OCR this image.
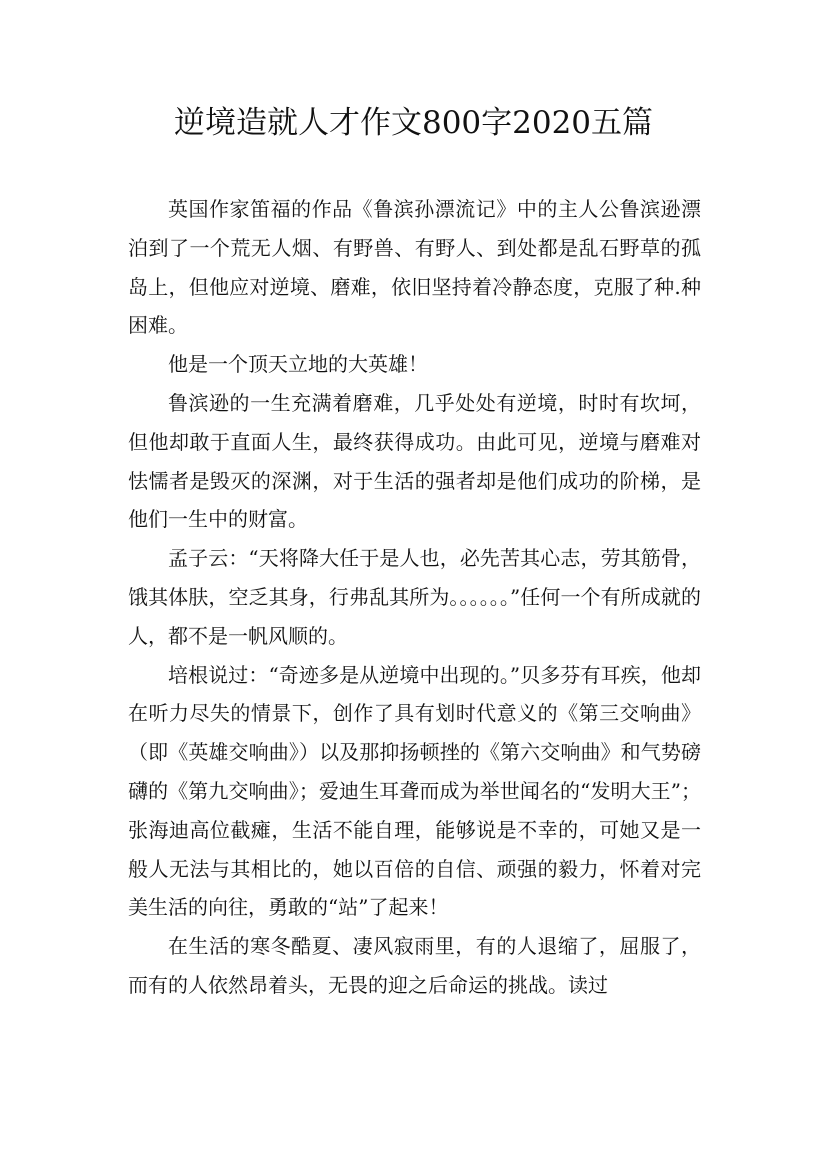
逆境造就人才作文800字2020五篇

英国作家笛福的作品《鲁滨孙漂流记》中的主人公鲁滨逊漂泊到了一个荒无人烟、有野兽、有野人、到处都是乱石野草的孤岛上，但他应对逆境、磨难，依旧坚持着冷静态度，克服了种.种困难。

他是一个顶天立地的大英雄！

鲁滨逊的一生充满着磨难，几乎处处有逆境，时时有坎坷，但他却敢于直面人生，最终获得成功。由此可见，逆境与磨难对怯懦者是毁灭的深渊，对于生活的强者却是他们成功的阶梯，是他们一生中的财富。

孟子云：“天将降大任于是人也，必先苦其心志，劳其筋骨，饿其体肤，空乏其身，行弗乱其所为。。。。。。”任何一个有所成就的人，都不是一帆风顺的。

培根说过：“奇迹多是从逆境中出现的。”贝多芬有耳疾，他却在听力尽失的情景下，创作了具有划时代意义的《第三交响曲》（即《英雄交响曲》）以及那抑扬顿挫的《第六交响曲》和气势磅礴的《第九交响曲》；爱迪生耳聋而成为举世闻名的“发明大王”；张海迪高位截瘫，生活不能自理，能够说是不幸的，可她又是一般人无法与其相比的，她以百倍的自信、顽强的毅力，怀着对完美生活的向往，勇敢的“站”了起来！

在生活的寒冬酷夏、凄风寂雨里，有的人退缩了，屈服了，而有的人依然昂着头，无畏的迎之后命运的挑战。读过
